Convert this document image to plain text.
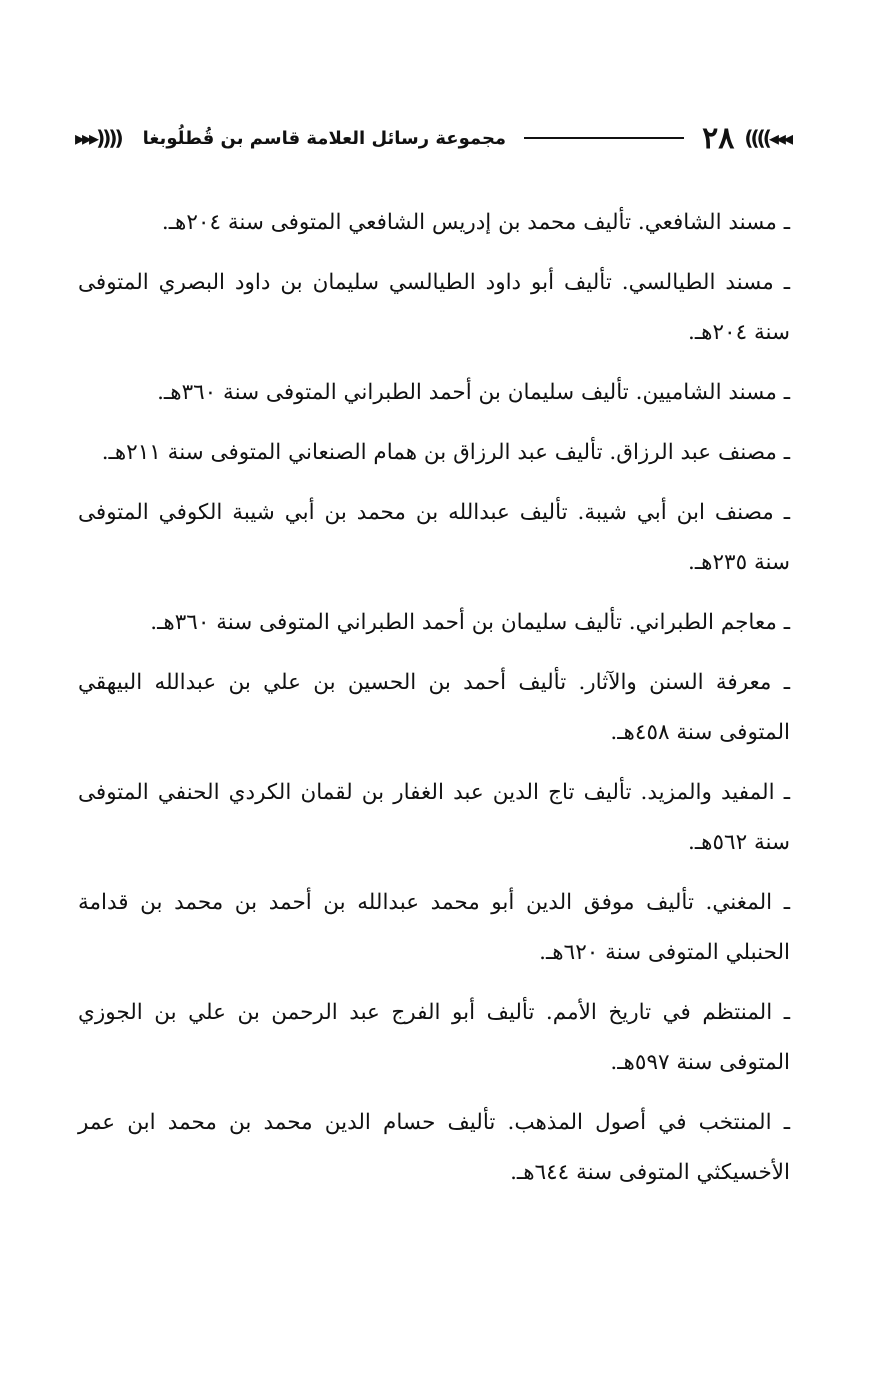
◂◂◂))))
٢٨
مجموعة رسائل العلامة قاسم بن قُطلُوبغا
((((▸▸▸

ـ مسند الشافعي. تأليف محمد بن إدريس الشافعي المتوفى سنة ٢٠٤هـ.

ـ مسند الطيالسي. تأليف أبو داود الطيالسي سليمان بن داود البصري المتوفى سنة ٢٠٤هـ.

ـ مسند الشاميين. تأليف سليمان بن أحمد الطبراني المتوفى سنة ٣٦٠هـ.

ـ مصنف عبد الرزاق. تأليف عبد الرزاق بن همام الصنعاني المتوفى سنة ٢١١هـ.

ـ مصنف ابن أبي شيبة. تأليف عبدالله بن محمد بن أبي شيبة الكوفي المتوفى سنة ٢٣٥هـ.

ـ معاجم الطبراني. تأليف سليمان بن أحمد الطبراني المتوفى سنة ٣٦٠هـ.

ـ معرفة السنن والآثار. تأليف أحمد بن الحسين بن علي بن عبدالله البيهقي المتوفى سنة ٤٥٨هـ.

ـ المفيد والمزيد. تأليف تاج الدين عبد الغفار بن لقمان الكردي الحنفي المتوفى سنة ٥٦٢هـ.

ـ المغني. تأليف موفق الدين أبو محمد عبدالله بن أحمد بن محمد بن قدامة الحنبلي المتوفى سنة ٦٢٠هـ.

ـ المنتظم في تاريخ الأمم. تأليف أبو الفرج عبد الرحمن بن علي بن الجوزي المتوفى سنة ٥٩٧هـ.

ـ المنتخب في أصول المذهب. تأليف حسام الدين محمد بن محمد ابن عمر الأخسيكثي المتوفى سنة ٦٤٤هـ.
